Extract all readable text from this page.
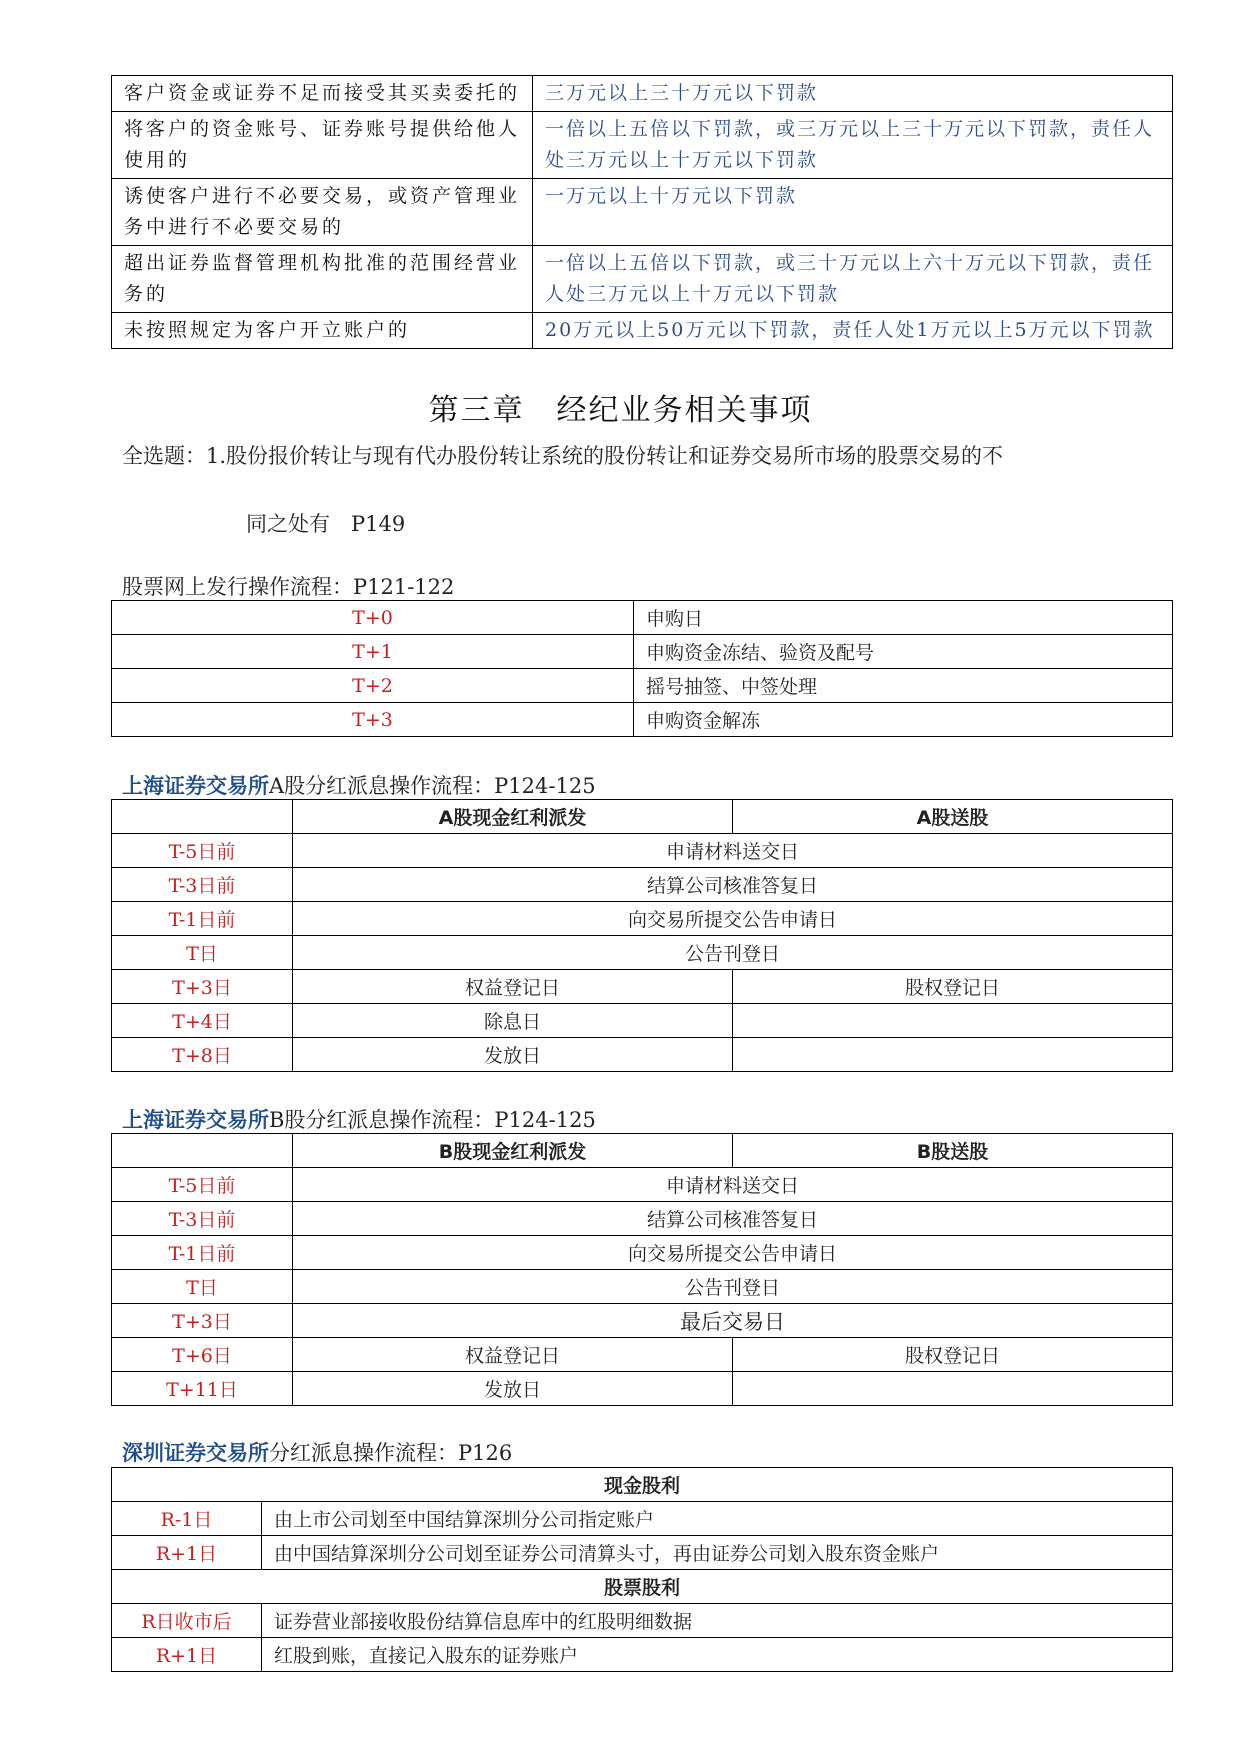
客户资金或证券不足而接受其买卖委托的	三万元以上三十万元以下罚款
将客户的资金账号、证券账号提供给他人使用的	一倍以上五倍以下罚款，或三万元以上三十万元以下罚款，责任人处三万元以上十万元以下罚款
诱使客户进行不必要交易，或资产管理业务中进行不必要交易的	一万元以上十万元以下罚款
超出证券监督管理机构批准的范围经营业务的	一倍以上五倍以下罚款，或三十万元以上六十万元以下罚款，责任人处三万元以上十万元以下罚款
未按照规定为客户开立账户的	20万元以上50万元以下罚款，责任人处1万元以上5万元以下罚款
第三章　经纪业务相关事项
全选题：1.股份报价转让与现有代办股份转让系统的股份转让和证券交易所市场的股票交易的不
同之处有　P149
股票网上发行操作流程：P121-122
T+0	申购日
T+1	申购资金冻结、验资及配号
T+2	摇号抽签、中签处理
T+3	申购资金解冻
上海证券交易所A股分红派息操作流程：P124-125
	A股现金红利派发	A股送股
T-5日前	申请材料送交日	
T-3日前	结算公司核准答复日	
T-1日前	向交易所提交公告申请日	
T日	公告刊登日	
T+3日	权益登记日	股权登记日
T+4日	除息日	
T+8日	发放日	
上海证券交易所B股分红派息操作流程：P124-125
	B股现金红利派发	B股送股
T-5日前	申请材料送交日	
T-3日前	结算公司核准答复日	
T-1日前	向交易所提交公告申请日	
T日	公告刊登日	
T+3日	最后交易日	
T+6日	权益登记日	股权登记日
T+11日	发放日	
深圳证券交易所分红派息操作流程：P126
现金股利	
R-1日	由上市公司划至中国结算深圳分公司指定账户
R+1日	由中国结算深圳分公司划至证券公司清算头寸，再由证券公司划入股东资金账户
股票股利	
R日收市后	证券营业部接收股份结算信息库中的红股明细数据
R+1日	红股到账，直接记入股东的证券账户
